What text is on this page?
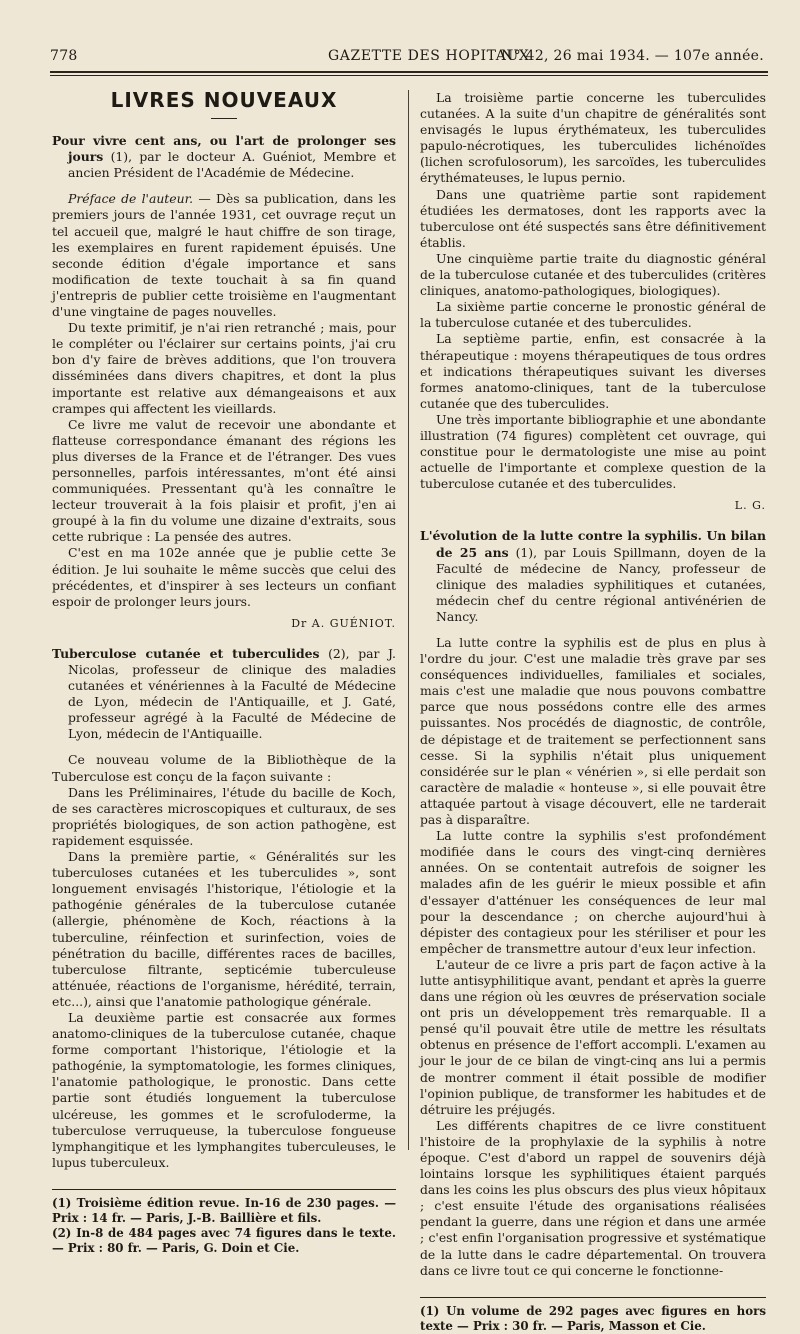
778	GAZETTE DES HOPITAUX
N° 42, 26 mai 1934. — 107e année.
LIVRES NOUVEAUX

Pour vivre cent ans, ou l'art de prolonger ses jours (1), par le docteur A. Guéniot, Membre et ancien Président de l'Académie de Médecine.

Préface de l'auteur. — Dès sa publication, dans les premiers jours de l'année 1931, cet ouvrage reçut un tel accueil que, malgré le haut chiffre de son tirage, les exemplaires en furent rapidement épuisés. Une seconde édition d'égale importance et sans modification de texte touchait à sa fin quand j'entrepris de publier cette troisième en l'augmentant d'une vingtaine de pages nouvelles.

Du texte primitif, je n'ai rien retranché ; mais, pour le compléter ou l'éclairer sur certains points, j'ai cru bon d'y faire de brèves additions, que l'on trouvera disséminées dans divers chapitres, et dont la plus importante est relative aux démangeaisons et aux crampes qui affectent les vieillards.

Ce livre me valut de recevoir une abondante et flatteuse correspondance émanant des régions les plus diverses de la France et de l'étranger. Des vues personnelles, parfois intéressantes, m'ont été ainsi communiquées. Pressentant qu'à les connaître le lecteur trouverait à la fois plaisir et profit, j'en ai groupé à la fin du volume une dizaine d'extraits, sous cette rubrique : La pensée des autres.

C'est en ma 102e année que je publie cette 3e édition. Je lui souhaite le même succès que celui des précédentes, et d'inspirer à ses lecteurs un confiant espoir de prolonger leurs jours.

Dr A. GUÉNIOT.

Tuberculose cutanée et tuberculides (2), par J. Nicolas, professeur de clinique des maladies cutanées et vénériennes à la Faculté de Médecine de Lyon, médecin de l'Antiquaille, et J. Gaté, professeur agrégé à la Faculté de Médecine de Lyon, médecin de l'Antiquaille.

Ce nouveau volume de la Bibliothèque de la Tuberculose est conçu de la façon suivante :

Dans les Préliminaires, l'étude du bacille de Koch, de ses caractères microscopiques et culturaux, de ses propriétés biologiques, de son action pathogène, est rapidement esquissée.

Dans la première partie, « Généralités sur les tuberculoses cutanées et les tuberculides », sont longuement envisagés l'historique, l'étiologie et la pathogénie générales de la tuberculose cutanée (allergie, phénomène de Koch, réactions à la tuberculine, réinfection et surinfection, voies de pénétration du bacille, différentes races de bacilles, tuberculose filtrante, septicémie tuberculeuse atténuée, réactions de l'organisme, hérédité, terrain, etc...), ainsi que l'anatomie pathologique générale.

La deuxième partie est consacrée aux formes anatomo-cliniques de la tuberculose cutanée, chaque forme comportant l'historique, l'étiologie et la pathogénie, la symptomatologie, les formes cliniques, l'anatomie pathologique, le pronostic. Dans cette partie sont étudiés longuement la tuberculose ulcéreuse, les gommes et le scrofuloderme, la tuberculose verruqueuse, la tuberculose fongueuse lymphangitique et les lymphangites tuberculeuses, le lupus tuberculeux.

(1) Troisième édition revue. In-16 de 230 pages. — Prix : 14 fr. — Paris, J.-B. Baillière et fils.

(2) In-8 de 484 pages avec 74 figures dans le texte. — Prix : 80 fr. — Paris, G. Doin et Cie.

La troisième partie concerne les tuberculides cutanées. A la suite d'un chapitre de généralités sont envisagés le lupus érythémateux, les tuberculides papulo-nécrotiques, les tuberculides lichénoïdes (lichen scrofulosorum), les sarcoïdes, les tuberculides érythémateuses, le lupus pernio.

Dans une quatrième partie sont rapidement étudiées les dermatoses, dont les rapports avec la tuberculose ont été suspectés sans être définitivement établis.

Une cinquième partie traite du diagnostic général de la tuberculose cutanée et des tuberculides (critères cliniques, anatomo-pathologiques, biologiques).

La sixième partie concerne le pronostic général de la tuberculose cutanée et des tuberculides.

La septième partie, enfin, est consacrée à la thérapeutique : moyens thérapeutiques de tous ordres et indications thérapeutiques suivant les diverses formes anatomo-cliniques, tant de la tuberculose cutanée que des tuberculides.

Une très importante bibliographie et une abondante illustration (74 figures) complètent cet ouvrage, qui constitue pour le dermatologiste une mise au point actuelle de l'importante et complexe question de la tuberculose cutanée et des tuberculides.

L. G.

L'évolution de la lutte contre la syphilis. Un bilan de 25 ans (1), par Louis Spillmann, doyen de la Faculté de médecine de Nancy, professeur de clinique des maladies syphilitiques et cutanées, médecin chef du centre régional antivénérien de Nancy.

La lutte contre la syphilis est de plus en plus à l'ordre du jour. C'est une maladie très grave par ses conséquences individuelles, familiales et sociales, mais c'est une maladie que nous pouvons combattre parce que nous possédons contre elle des armes puissantes. Nos procédés de diagnostic, de contrôle, de dépistage et de traitement se perfectionnent sans cesse. Si la syphilis n'était plus uniquement considérée sur le plan « vénérien », si elle perdait son caractère de maladie « honteuse », si elle pouvait être attaquée partout à visage découvert, elle ne tarderait pas à disparaître.

La lutte contre la syphilis s'est profondément modifiée dans le cours des vingt-cinq dernières années. On se contentait autrefois de soigner les malades afin de les guérir le mieux possible et afin d'essayer d'atténuer les conséquences de leur mal pour la descendance ; on cherche aujourd'hui à dépister des contagieux pour les stériliser et pour les empêcher de transmettre autour d'eux leur infection.

L'auteur de ce livre a pris part de façon active à la lutte antisyphilitique avant, pendant et après la guerre dans une région où les œuvres de préservation sociale ont pris un développement très remarquable. Il a pensé qu'il pouvait être utile de mettre les résultats obtenus en présence de l'effort accompli. L'examen au jour le jour de ce bilan de vingt-cinq ans lui a permis de montrer comment il était possible de modifier l'opinion publique, de transformer les habitudes et de détruire les préjugés.

Les différents chapitres de ce livre constituent l'histoire de la prophylaxie de la syphilis à notre époque. C'est d'abord un rappel de souvenirs déjà lointains lorsque les syphilitiques étaient parqués dans les coins les plus obscurs des plus vieux hôpitaux ; c'est ensuite l'étude des organisations réalisées pendant la guerre, dans une région et dans une armée ; c'est enfin l'organisation progressive et systématique de la lutte dans le cadre départemental. On trouvera dans ce livre tout ce qui concerne le fonctionne-

(1) Un volume de 292 pages avec figures en hors texte — Prix : 30 fr. — Paris, Masson et Cie.
